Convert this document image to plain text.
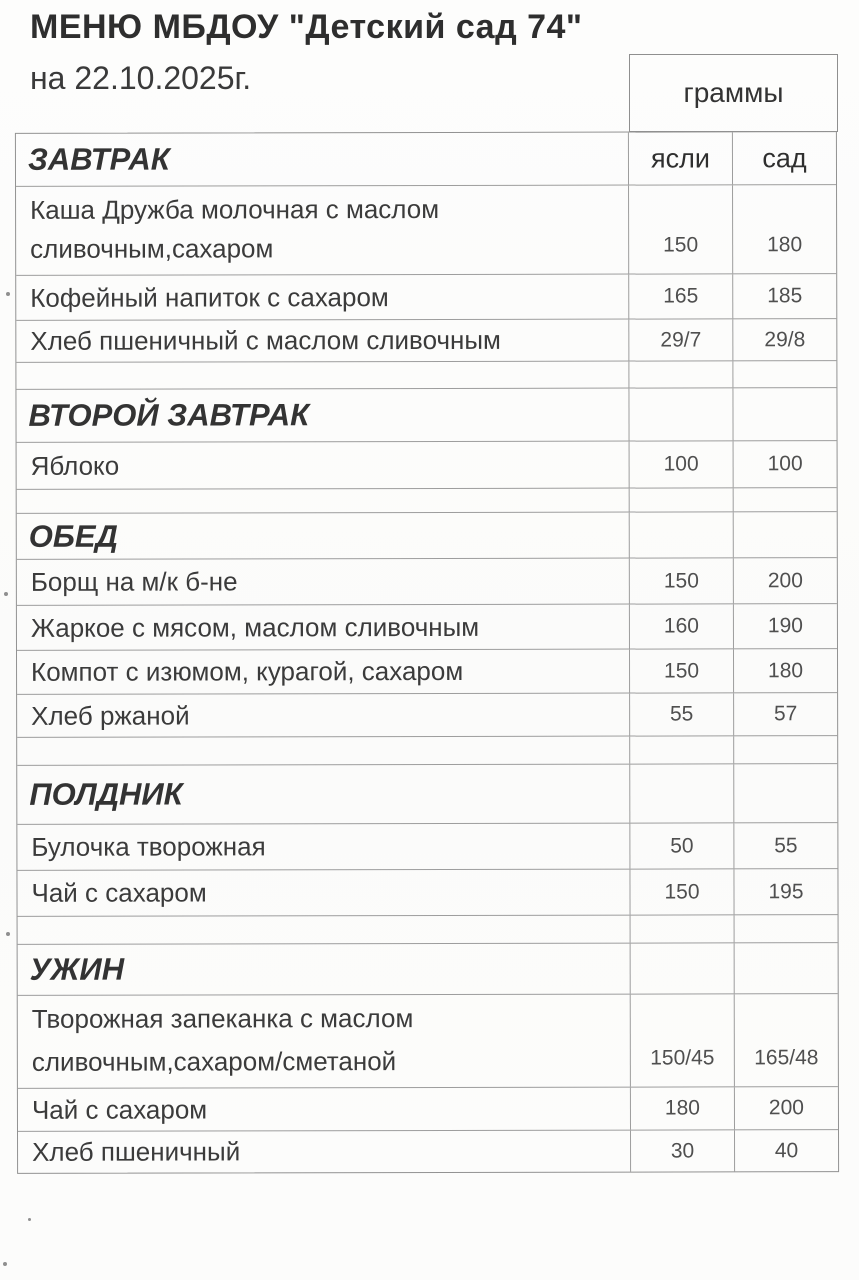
МЕНЮ МБДОУ "Детский сад 74"
на 22.10.2025г.	граммы
ЗАВТРАК	ясли	сад
Каша Дружба молочная с маслом
сливочным,сахаром	150	180
Кофейный напиток с сахаром	165	185
Хлеб пшеничный с маслом сливочным	29/7	29/8
ВТОРОЙ ЗАВТРАК
Яблоко	100	100
ОБЕД
Борщ на м/к б-не	150	200
Жаркое с мясом, маслом сливочным	160	190
Компот с изюмом, курагой, сахаром	150	180
Хлеб ржаной	55	57
ПОЛДНИК
Булочка творожная	50	55
Чай с сахаром	150	195
УЖИН
Творожная запеканка с маслом
сливочным,сахаром/сметаной	150/45	165/48
Чай с сахаром	180	200
Хлеб пшеничный	30	40
